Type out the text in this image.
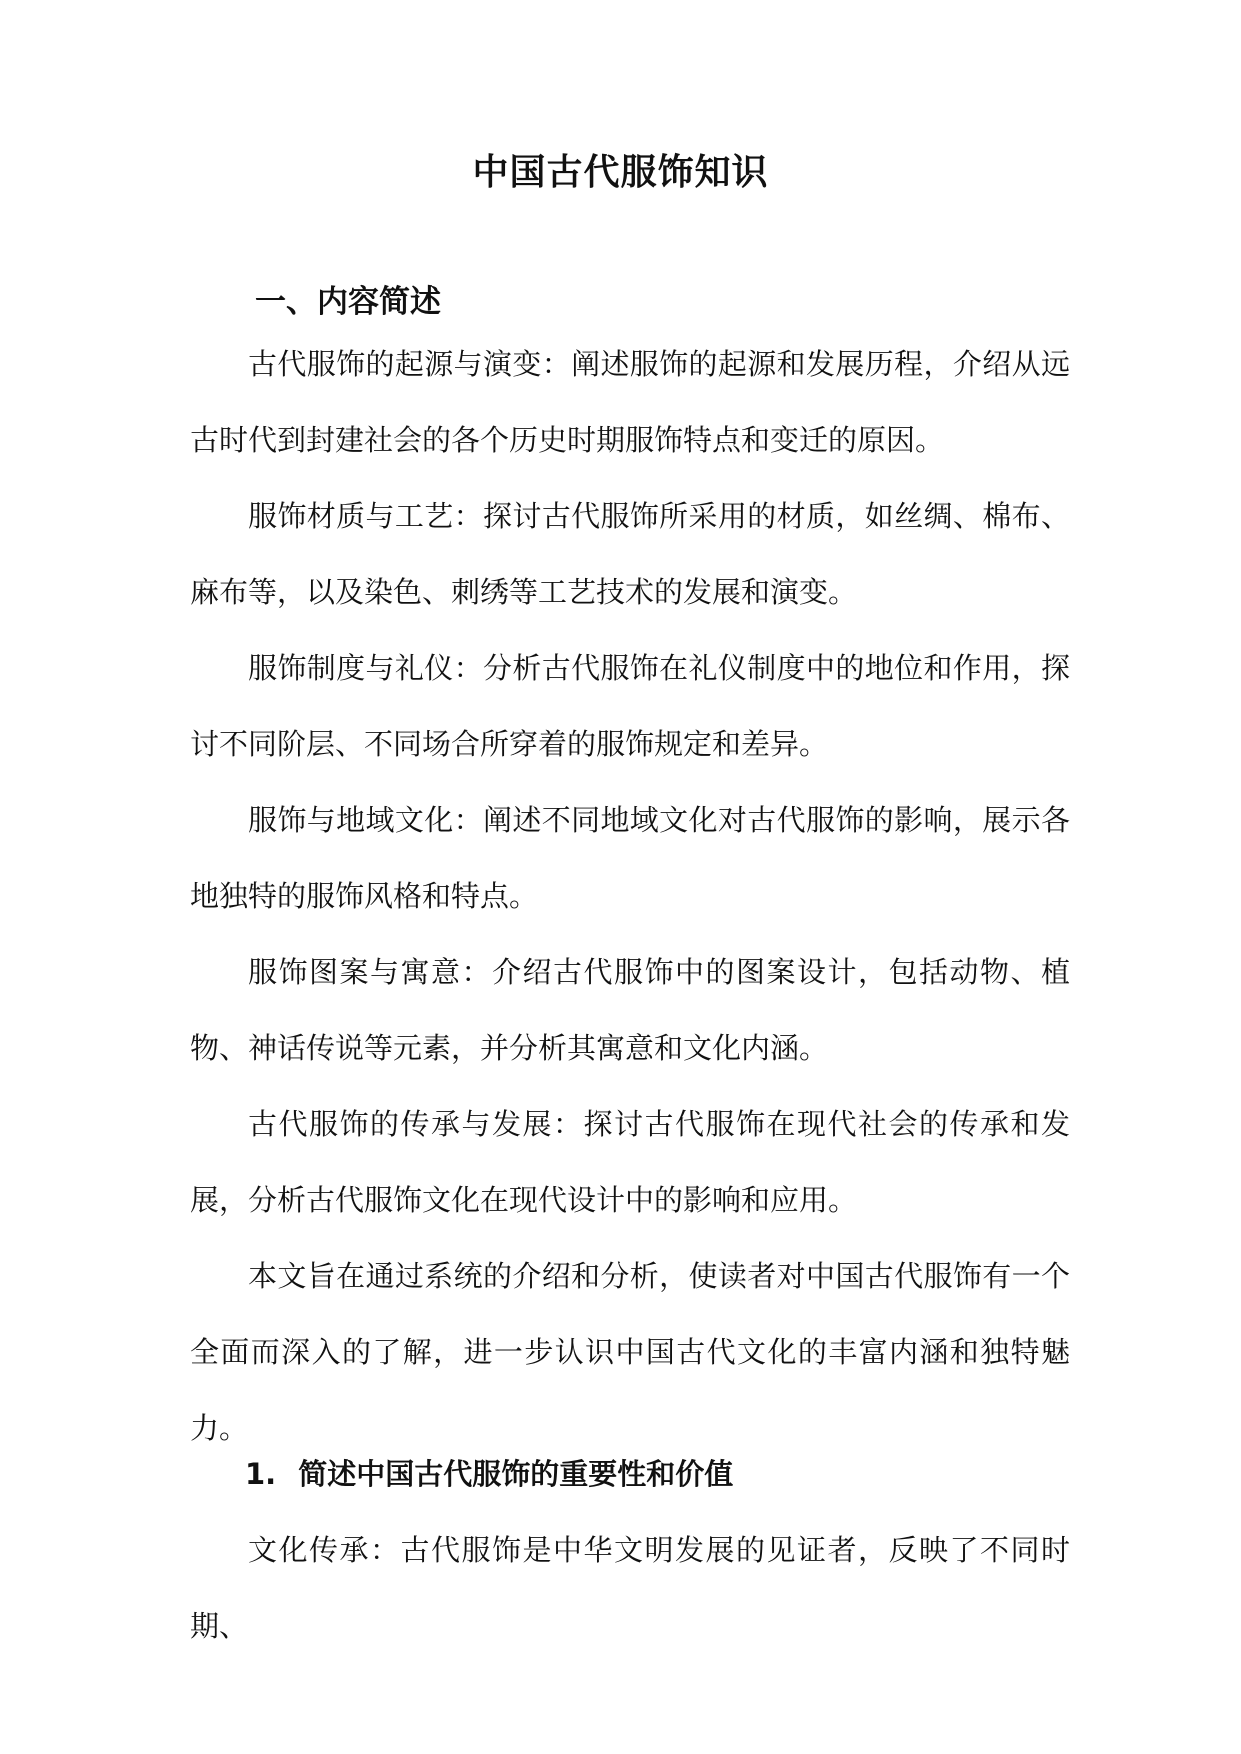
中国古代服饰知识
一、内容简述

古代服饰的起源与演变：阐述服饰的起源和发展历程，介绍从远古时代到封建社会的各个历史时期服饰特点和变迁的原因。

服饰材质与工艺：探讨古代服饰所采用的材质，如丝绸、棉布、麻布等，以及染色、刺绣等工艺技术的发展和演变。

服饰制度与礼仪：分析古代服饰在礼仪制度中的地位和作用，探讨不同阶层、不同场合所穿着的服饰规定和差异。

服饰与地域文化：阐述不同地域文化对古代服饰的影响，展示各地独特的服饰风格和特点。

服饰图案与寓意：介绍古代服饰中的图案设计，包括动物、植物、神话传说等元素，并分析其寓意和文化内涵。

古代服饰的传承与发展：探讨古代服饰在现代社会的传承和发展，分析古代服饰文化在现代设计中的影响和应用。

本文旨在通过系统的介绍和分析，使读者对中国古代服饰有一个全面而深入的了解，进一步认识中国古代文化的丰富内涵和独特魅力。

1. 简述中国古代服饰的重要性和价值

文化传承：古代服饰是中华文明发展的见证者，反映了不同时期、
